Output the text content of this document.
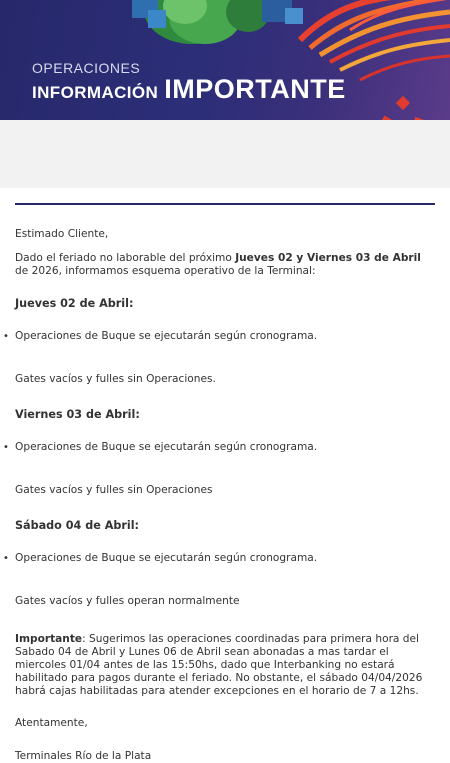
OPERACIONES
INFORMACIÓN IMPORTANTE

Estimado Cliente,

Dado el feriado no laborable del próximo Jueves 02 y Viernes 03 de Abril de 2026, informamos esquema operativo de la Terminal:

Jueves 02 de Abril:

• Operaciones de Buque se ejecutarán según cronograma.

Gates vacíos y fulles sin Operaciones.

Viernes 03 de Abril:

• Operaciones de Buque se ejecutarán según cronograma.

Gates vacíos y fulles sin Operaciones

Sábado 04 de Abril:

• Operaciones de Buque se ejecutarán según cronograma.

Gates vacíos y fulles operan normalmente

Importante: Sugerimos las operaciones coordinadas para primera hora del Sabado 04 de Abril y Lunes 06 de Abril sean abonadas a mas tardar el miercoles 01/04 antes de las 15:50hs, dado que Interbanking no estará habilitado para pagos durante el feriado. No obstante, el sábado 04/04/2026 habrá cajas habilitadas para atender excepciones en el horario de 7 a 12hs.

Atentamente,

Terminales Río de la Plata
